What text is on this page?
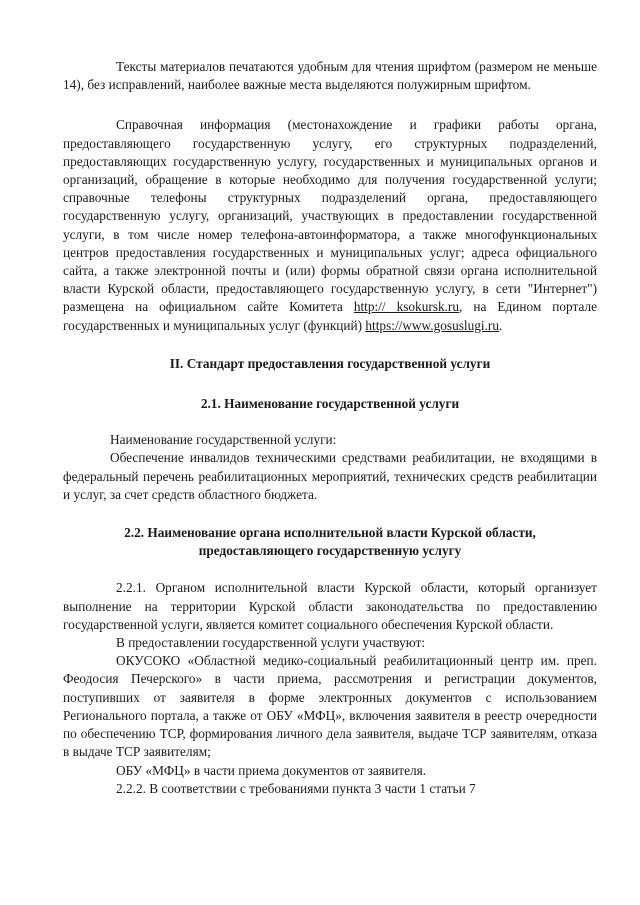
Тексты материалов печатаются удобным для чтения шрифтом (размером не меньше 14), без исправлений, наиболее важные места выделяются полужирным шрифтом.

Справочная информация (местонахождение и графики работы органа, предоставляющего государственную услугу, его структурных подразделений, предоставляющих государственную услугу, государственных и муниципальных органов и организаций, обращение в которые необходимо для получения государственной услуги; справочные телефоны структурных подразделений органа, предоставляющего государственную услугу, организаций, участвующих в предоставлении государственной услуги, в том числе номер телефона-автоинформатора, а также многофункциональных центров предоставления государственных и муниципальных услуг; адреса официального сайта, а также электронной почты и (или) формы обратной связи органа исполнительной власти Курской области, предоставляющего государственную услугу, в сети "Интернет") размещена на официальном сайте Комитета http:// ksokursk.ru, на Едином портале государственных и муниципальных услуг (функций) https://www.gosuslugi.ru.

II. Стандарт предоставления государственной услуги
2.1. Наименование государственной услуги

Наименование государственной услуги:

Обеспечение инвалидов техническими средствами реабилитации, не входящими в федеральный перечень реабилитационных мероприятий, технических средств реабилитации и услуг, за счет средств областного бюджета.

2.2. Наименование органа исполнительной власти Курской области,
предоставляющего государственную услугу

2.2.1. Органом исполнительной власти Курской области, который организует выполнение на территории Курской области законодательства по предоставлению государственной услуги, является комитет социального обеспечения Курской области.

В предоставлении государственной услуги участвуют:

ОКУСОКО «Областной медико-социальный реабилитационный центр им. преп. Феодосия Печерского» в части приема, рассмотрения и регистрации документов, поступивших от заявителя в форме электронных документов с использованием Регионального портала, а также от ОБУ «МФЦ», включения заявителя в реестр очередности по обеспечению ТСР, формирования личного дела заявителя, выдаче ТСР заявителям, отказа в выдаче ТСР заявителям;

ОБУ «МФЦ» в части приема документов от заявителя.

2.2.2. В соответствии с требованиями пункта 3 части 1 статьи 7
